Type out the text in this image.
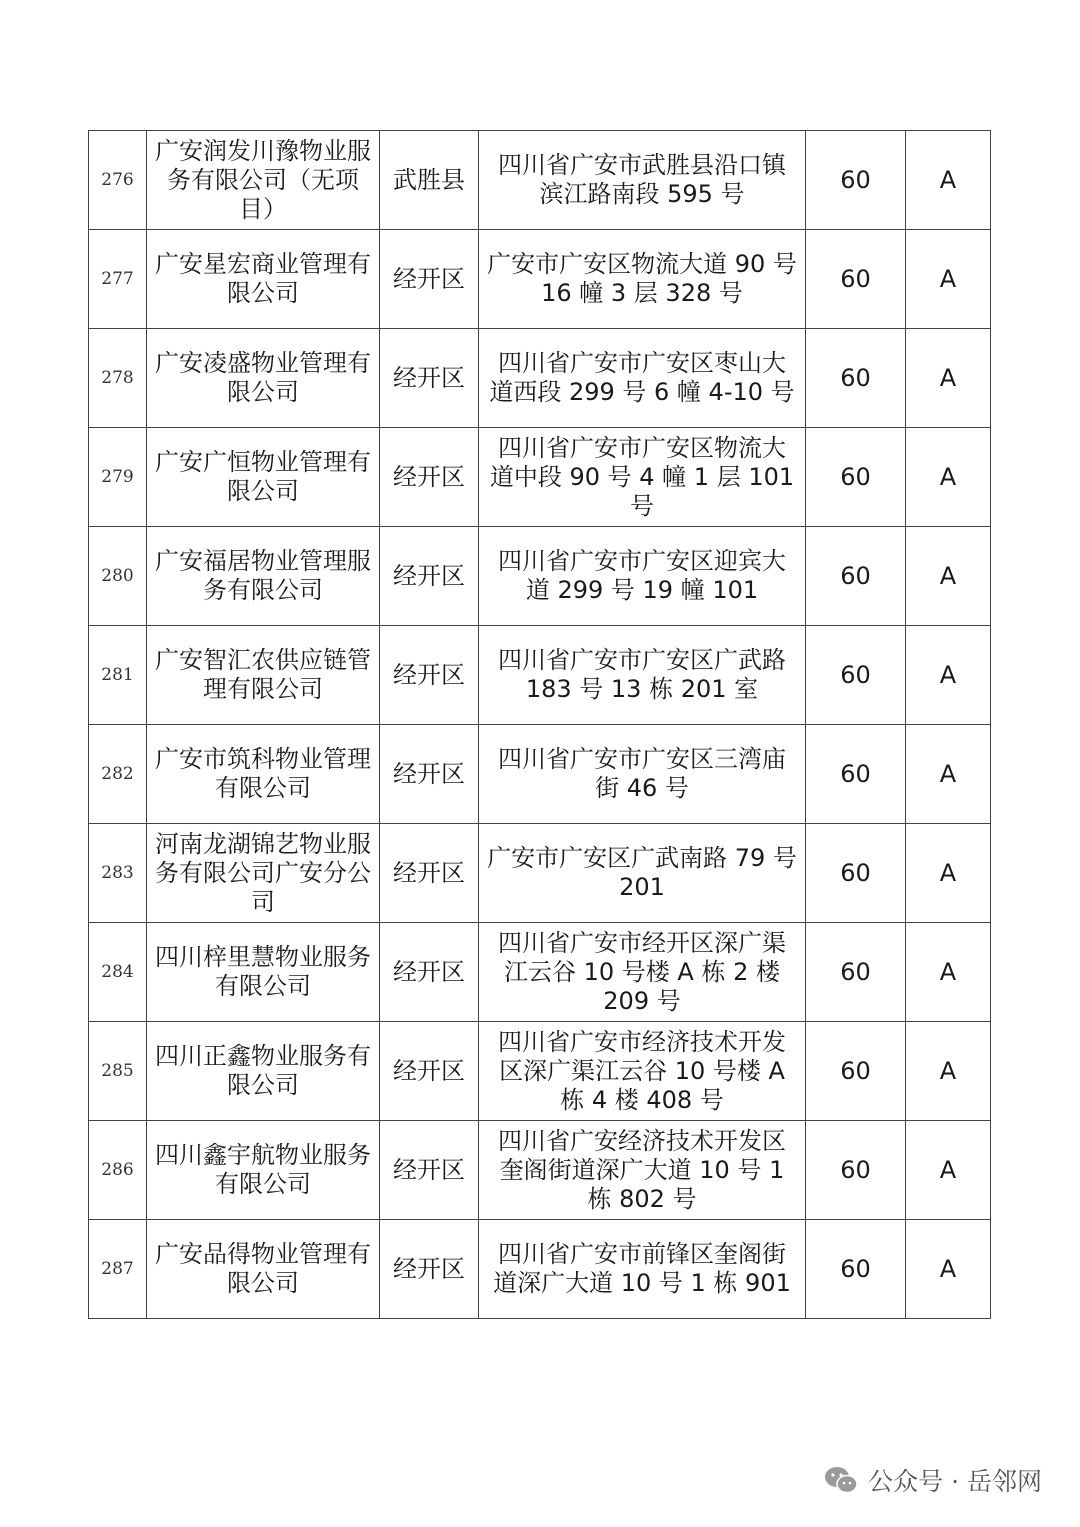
276	广安润发川豫物业服务有限公司（无项目）	武胜县	四川省广安市武胜县沿口镇滨江路南段 595 号	60	A
277	广安星宏商业管理有限公司	经开区	广安市广安区物流大道 90 号 16 幢 3 层 328 号	60	A
278	广安凌盛物业管理有限公司	经开区	四川省广安市广安区枣山大道西段 299 号 6 幢 4-10 号	60	A
279	广安广恒物业管理有限公司	经开区	四川省广安市广安区物流大道中段 90 号 4 幢 1 层 101 号	60	A
280	广安福居物业管理服务有限公司	经开区	四川省广安市广安区迎宾大道 299 号 19 幢 101	60	A
281	广安智汇农供应链管理有限公司	经开区	四川省广安市广安区广武路 183 号 13 栋 201 室	60	A
282	广安市筑科物业管理有限公司	经开区	四川省广安市广安区三湾庙街 46 号	60	A
283	河南龙湖锦艺物业服务有限公司广安分公司	经开区	广安市广安区广武南路 79 号 201	60	A
284	四川梓里慧物业服务有限公司	经开区	四川省广安市经开区深广渠江云谷 10 号楼 A 栋 2 楼 209 号	60	A
285	四川正鑫物业服务有限公司	经开区	四川省广安市经济技术开发区深广渠江云谷 10 号楼 A 栋 4 楼 408 号	60	A
286	四川鑫宇航物业服务有限公司	经开区	四川省广安经济技术开发区奎阁街道深广大道 10 号 1 栋 802 号	60	A
287	广安品得物业管理有限公司	经开区	四川省广安市前锋区奎阁街道深广大道 10 号 1 栋 901	60	A
公众号 · 岳邻网
